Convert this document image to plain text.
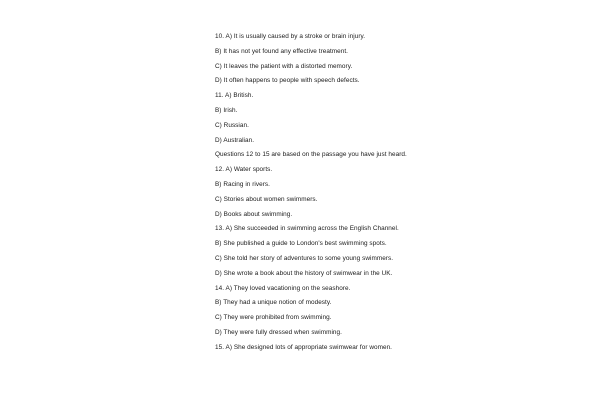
10. A) It is usually caused by a stroke or brain injury.
B) It has not yet found any effective treatment.
C) It leaves the patient with a distorted memory.
D) It often happens to people with speech defects.
11. A) British.
B) Irish.
C) Russian.
D) Australian.
Questions 12 to 15 are based on the passage you have just heard.
12. A) Water sports.
B) Racing in rivers.
C) Stories about women swimmers.
D) Books about swimming.
13. A) She succeeded in swimming across the English Channel.
B) She published a guide to London's best swimming spots.
C) She told her story of adventures to some young swimmers.
D) She wrote a book about the history of swimwear in the UK.
14. A) They loved vacationing on the seashore.
B) They had a unique notion of modesty.
C) They were prohibited from swimming.
D) They were fully dressed when swimming.
15. A) She designed lots of appropriate swimwear for women.
